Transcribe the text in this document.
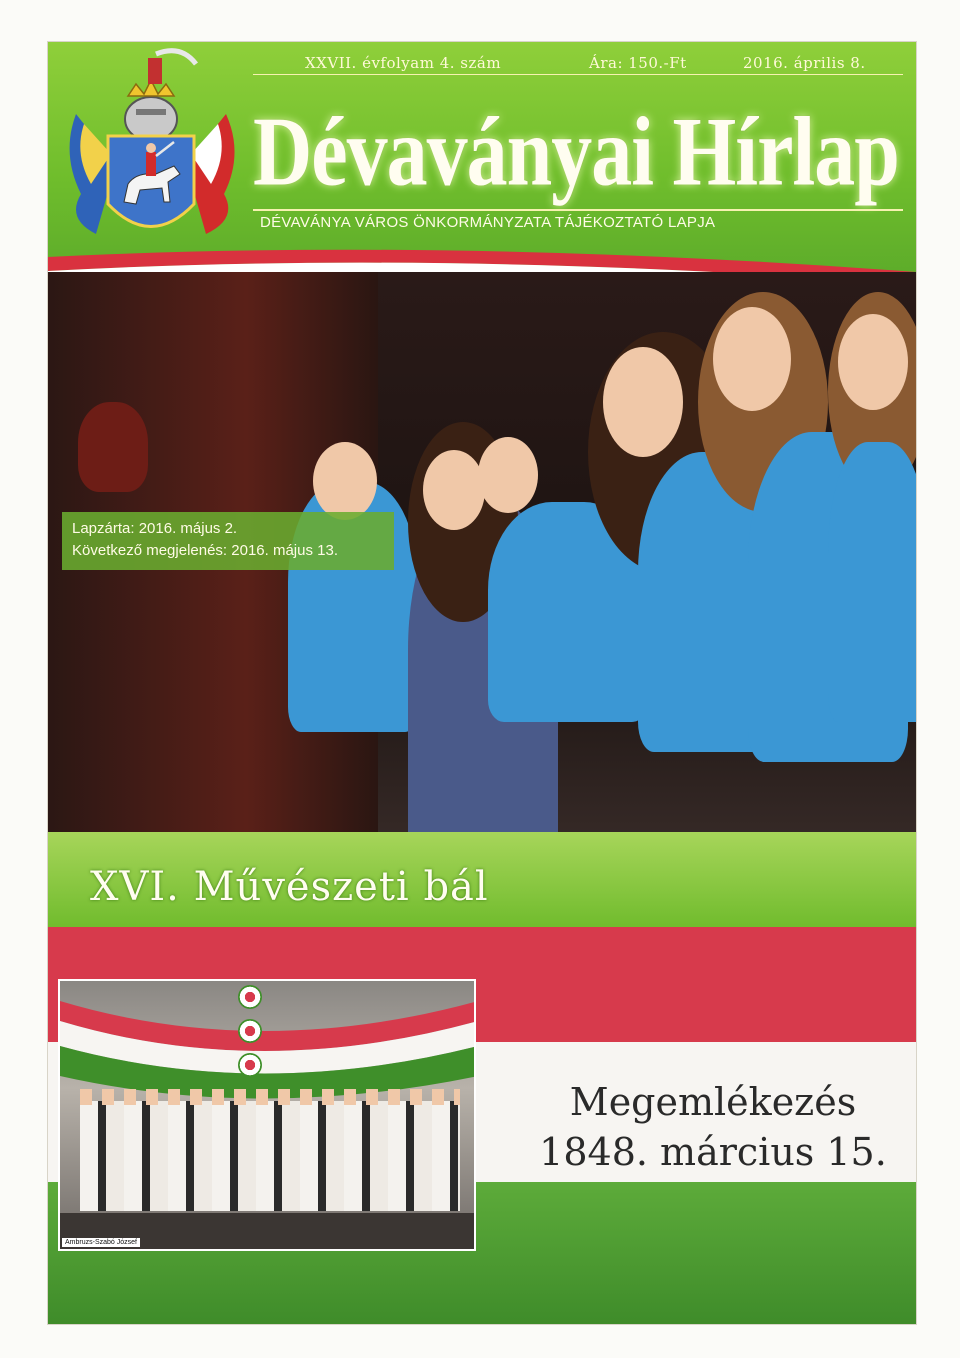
XXVII. évfolyam 4. szám	Ára: 150.-Ft	2016. április 8.
Dévaványai Hírlap
DÉVAVÁNYA VÁROS ÖNKORMÁNYZATA TÁJÉKOZTATÓ LAPJA
Lapzárta: 2016. május 2.
Következő megjelenés: 2016. május 13.
XVI. Művészeti bál
Ambruzs-Szabó József
Megemlékezés
1848. március 15.
